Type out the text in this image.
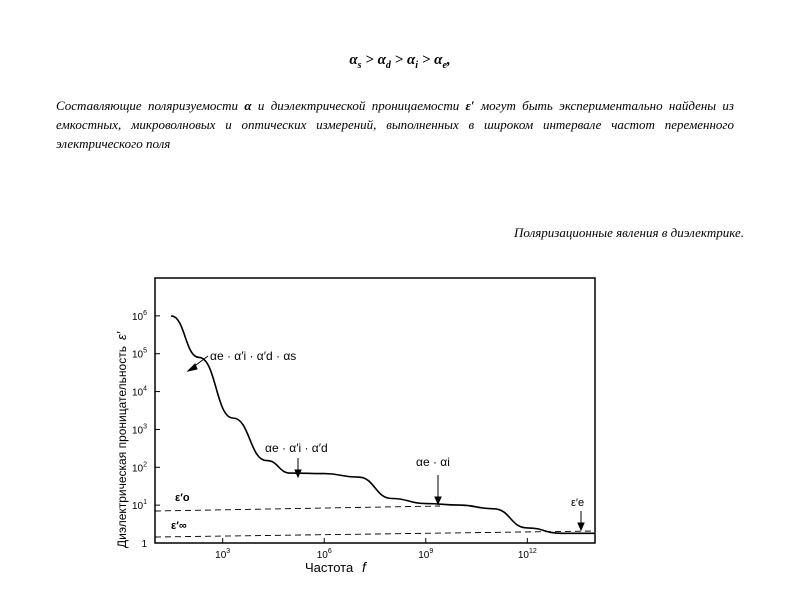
$\alpha_s > \alpha_d > \alpha_i > \alpha_e$,
Составляющие поляризуемости α и диэлектрической проницаемости ε′ могут быть экспериментально найдены из емкостных, микроволновых и оптических измерений, выполненных в широком интервале частот переменного электрического поля
Поляризационные явления в диэлектрике.
1
$10^1$
$10^2$
$10^3$
$10^4$
$10^5$
$10^6$
$10^3$	$10^6$	$10^9$	$10^{12}$
αe · α′i · α′d · αs
αe · α′i · α′d
αe · αi
ε′o
ε′∞
ε′e
Диэлектрическая проницательность
ε′
Частота f
